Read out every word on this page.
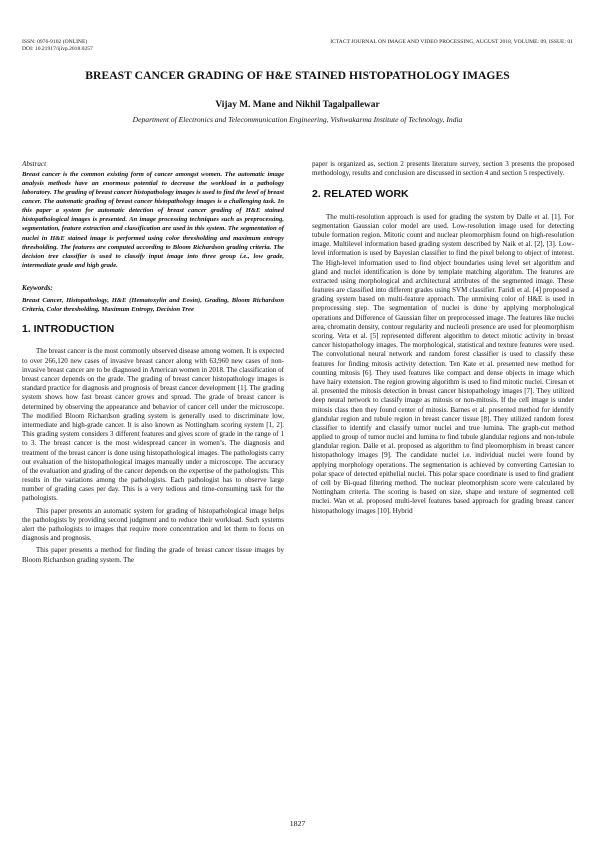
ISSN: 0976-9102 (ONLINE)
DOI: 10.21917/ijivp.2018.0257
ICTACT JOURNAL ON IMAGE AND VIDEO PROCESSING, AUGUST 2018, VOLUME: 09, ISSUE: 01
BREAST CANCER GRADING OF H&E STAINED HISTOPATHOLOGY IMAGES
Vijay M. Mane and Nikhil Tagalpallewar
Department of Electronics and Telecommunication Engineering, Vishwakarma Institute of Technology, India
Abstract

Breast cancer is the common existing form of cancer amongst women. The automatic image analysis methods have an enormous potential to decrease the workload in a pathology laboratory. The grading of breast cancer histopathology images is used to find the level of breast cancer. The automatic grading of breast cancer histopathology images is a challenging task. In this paper a system for automatic detection of breast cancer grading of H&E stained histopathological images is presented. An image processing techniques such as preprocessing, segmentation, feature extraction and classification are used in this system. The segmentation of nuclei in H&E stained image is performed using color thresholding and maximum entropy thresholding. The features are computed according to Bloom Richardson grading criteria. The decision tree classifier is used to classify input image into three group i.e., low grade, intermediate grade and high grade.

Keywords:

Breast Cancer, Histopathology, H&E (Hematoxylin and Eosin), Grading, Bloom Richardson Criteria, Color thresholding, Maximum Entropy, Decision Tree

1. INTRODUCTION

The breast cancer is the most commonly observed disease among women. It is expected to over 266,120 new cases of invasive breast cancer along with 63,960 new cases of non-invasive breast cancer are to be diagnosed in American women in 2018. The classification of breast cancer depends on the grade. The grading of breast cancer histopathology images is standard practice for diagnosis and prognosis of breast cancer development [1]. The grading system shows how fast breast cancer grows and spread. The grade of breast cancer is determined by observing the appearance and behavior of cancer cell under the microscope. The modified Bloom Richardson grading system is generally used to discriminate low, intermediate and high-grade cancer. It is also known as Nottingham scoring system [1, 2]. This grading system considers 3 different features and gives score of grade in the range of 1 to 3. The breast cancer is the most widespread cancer in women’s. The diagnosis and treatment of the breast cancer is done using histopathological images. The pathologists carry out evaluation of the histopathological images manually under a microscope. The accuracy of the evaluation and grading of the cancer depends on the expertise of the pathologists. This results in the variations among the pathologists. Each pathologist has to observe large number of grading cases per day. This is a very tedious and time-consuming task for the pathologists.

This paper presents an automatic system for grading of histopathological image helps the pathologists by providing second judgment and to reduce their workload. Such systems alert the pathologists to images that require more concentration and let them to focus on diagnosis and prognosis.

This paper presents a method for finding the grade of breast cancer tissue images by Bloom Richardson grading system. The

paper is organized as, section 2 presents literature survey, section 3 presents the proposed methodology, results and conclusion are discussed in section 4 and section 5 respectively.

2. RELATED WORK

The multi-resolution approach is used for grading the system by Dalle et al. [1]. For segmentation Gaussian color model are used. Low-resolution image used for detecting tubule formation region. Mitotic count and nuclear pleomorphism found on high-resolution image. Multilevel information based grading system described by Naik et al. [2], [3]. Low-level information is used by Bayesian classifier to find the pixel belong to object of interest. The High-level information used to find object boundaries using level set algorithm and gland and nuclei identification is done by template matching algorithm. The features are extracted using morphological and architectural attributes of the segmented image. These features are classified into different grades using SVM classifier. Faridi et al. [4] proposed a grading system based on multi-feature approach. The unmixing color of H&E is used in preprocessing step. The segmentation of nuclei is done by applying morphological operations and Difference of Gaussian filter on preprocessed image. The features like nuclei area, chromatin density, contour regularity and nucleoli presence are used for pleomorphism scoring. Veta et al. [5] represented different algorithm to detect mitotic activity in breast cancer histopathology images. The morphological, statistical and texture features were used. The convolutional neural network and random forest classifier is used to classify these features for finding mitosis activity detection. Ten Kate et al. presented new method for counting mitosis [6]. They used features like compact and dense objects in image which have hairy extension. The region growing algorithm is used to find mitotic nuclei. Ciresan et al. presented the mitosis detection in breast cancer histopathology images [7]. They utilized deep neural network to classify image as mitosis or non-mitosis. If the cell image is under mitosis class then they found center of mitosis. Barnes et al. presented method for identify glandular region and tubule region in breast cancer tissue [8]. They utilized random forest classifier to identify and classify tumor nuclei and true lumina. The graph-cut method applied to group of tumor nuclei and lumina to find tubule glandular regions and non-tubule glandular region. Dalle et al. proposed as algorithm to find pleomorphism in breast cancer histopathology images [9]. The candidate nuclei i.e. individual nuclei were found by applying morphology operations. The segmentation is achieved by converting Cartesian to polar space of detected epithelial nuclei. This polar space coordinate is used to find gradient of cell by Bi-quad filtering method. The nuclear pleomorphism score were calculated by Nottingham criteria. The scoring is based on size, shape and texture of segmented cell nuclei. Wan et al. proposed multi-level features based approach for grading breast cancer histopathology images [10]. Hybrid

1827
